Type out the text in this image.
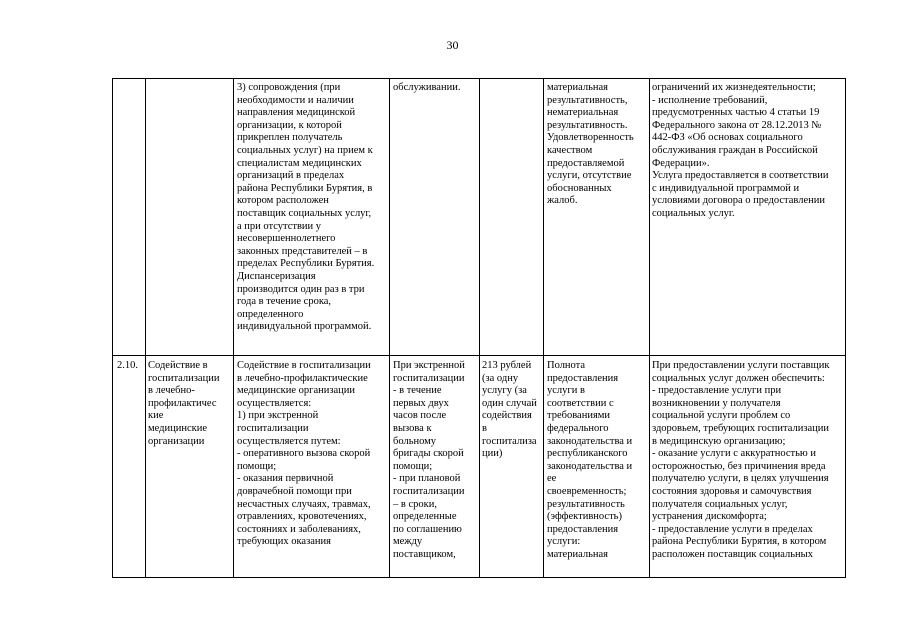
30
3) сопровождения (при
необходимости и наличии
направления медицинской
организации, к которой
прикреплен получатель
социальных услуг) на прием к
специалистам медицинских
организаций в пределах
района Республики Бурятия, в
котором расположен
поставщик социальных услуг,
а при отсутствии у
несовершеннолетнего
законных представителей – в
пределах Республики Бурятия.
Диспансеризация
производится один раз в три
года в течение срока,
определенного
индивидуальной программой.
обслуживании.	материальная
результативность,
нематериальная
результативность.
Удовлетворенность
качеством
предоставляемой
услуги, отсутствие
обоснованных
жалоб.
ограничений их жизнедеятельности;
- исполнение требований,
предусмотренных частью 4 статьи 19
Федерального закона от 28.12.2013 №
442-ФЗ «Об основах социального
обслуживания граждан в Российской
Федерации».
Услуга предоставляется в соответствии
с индивидуальной программой и
условиями договора о предоставлении
социальных услуг.
2.10. Содействие в
госпитализации
в лечебно-
профилактичес
кие
медицинские
организации
Содействие в госпитализации
в лечебно-профилактические
медицинские организации
осуществляется:
1) при экстренной
госпитализации
осуществляется путем:
- оперативного вызова скорой
помощи;
- оказания первичной
доврачебной помощи при
несчастных случаях, травмах,
отравлениях, кровотечениях,
состояниях и заболеваниях,
требующих оказания
При экстренной
госпитализации
- в течение
первых двух
часов после
вызова к
больному
бригады скорой
помощи;
- при плановой
госпитализации
– в сроки,
определенные
по соглашению
между
поставщиком,
213 рублей
(за одну
услугу (за
один случай
содействия
в
госпитализа
ции)
Полнота
предоставления
услуги в
соответствии с
требованиями
федерального
законодательства и
республиканского
законодательства и
ее
своевременность;
результативность
(эффективность)
предоставления
услуги:
материальная
При предоставлении услуги поставщик
социальных услуг должен обеспечить:
- предоставление услуги при
возникновении у получателя
социальной услуги проблем со
здоровьем, требующих госпитализации
в медицинскую организацию;
- оказание услуги с аккуратностью и
осторожностью, без причинения вреда
получателю услуги, в целях улучшения
состояния здоровья и самочувствия
получателя социальных услуг,
устранения дискомфорта;
- предоставление услуги в пределах
района Республики Бурятия, в котором
расположен поставщик социальных
